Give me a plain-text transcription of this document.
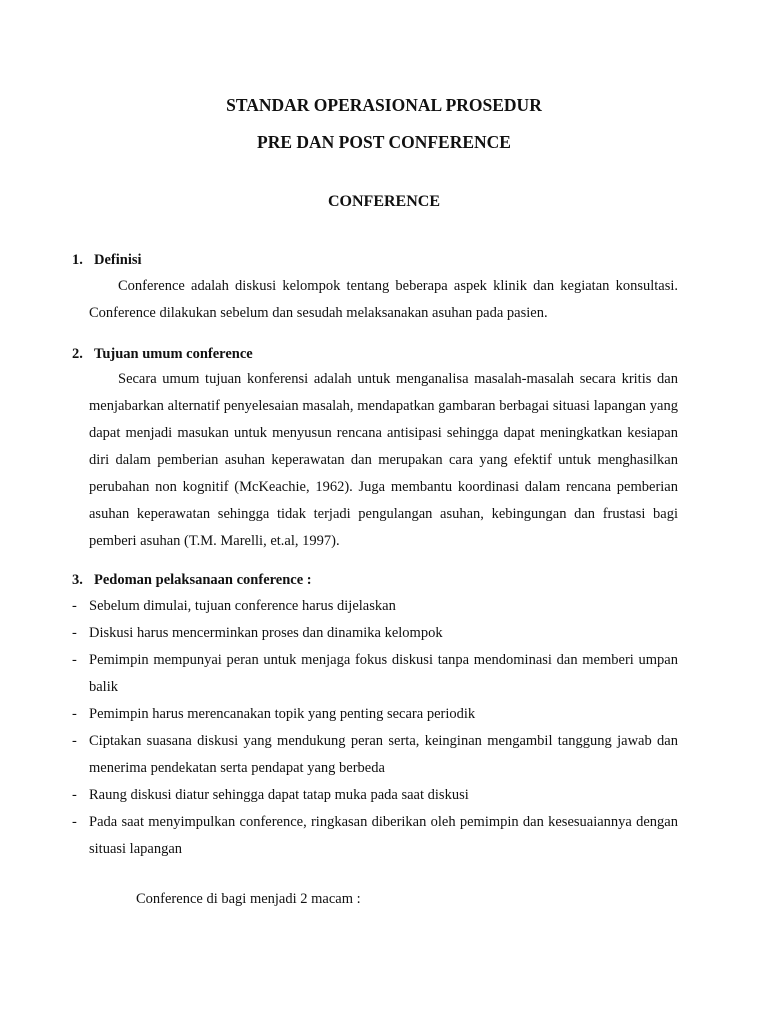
STANDAR OPERASIONAL PROSEDUR
PRE DAN POST CONFERENCE
CONFERENCE
1. Definisi

Conference adalah diskusi kelompok tentang beberapa aspek klinik dan kegiatan konsultasi. Conference dilakukan sebelum dan sesudah melaksanakan asuhan pada pasien.

2. Tujuan umum conference

Secara umum tujuan konferensi adalah untuk menganalisa masalah-masalah secara kritis dan menjabarkan alternatif penyelesaian masalah, mendapatkan gambaran berbagai situasi lapangan yang dapat menjadi masukan untuk menyusun rencana antisipasi sehingga dapat meningkatkan kesiapan diri dalam pemberian asuhan keperawatan dan merupakan cara yang efektif untuk menghasilkan perubahan non kognitif (McKeachie, 1962). Juga membantu koordinasi dalam rencana pemberian asuhan keperawatan sehingga tidak terjadi pengulangan asuhan, kebingungan dan frustasi bagi pemberi asuhan (T.M. Marelli, et.al, 1997).

3. Pedoman pelaksanaan conference :
- Sebelum dimulai, tujuan conference harus dijelaskan
- Diskusi harus mencerminkan proses dan dinamika kelompok
- Pemimpin mempunyai peran untuk menjaga fokus diskusi tanpa mendominasi dan memberi umpan balik
- Pemimpin harus merencanakan topik yang penting secara periodik
- Ciptakan suasana diskusi yang mendukung peran serta, keinginan mengambil tanggung jawab dan menerima pendekatan serta pendapat yang berbeda
- Raung diskusi diatur sehingga dapat tatap muka pada saat diskusi
- Pada saat menyimpulkan conference, ringkasan diberikan oleh pemimpin dan kesesuaiannya dengan situasi lapangan
Conference di bagi menjadi 2 macam :
